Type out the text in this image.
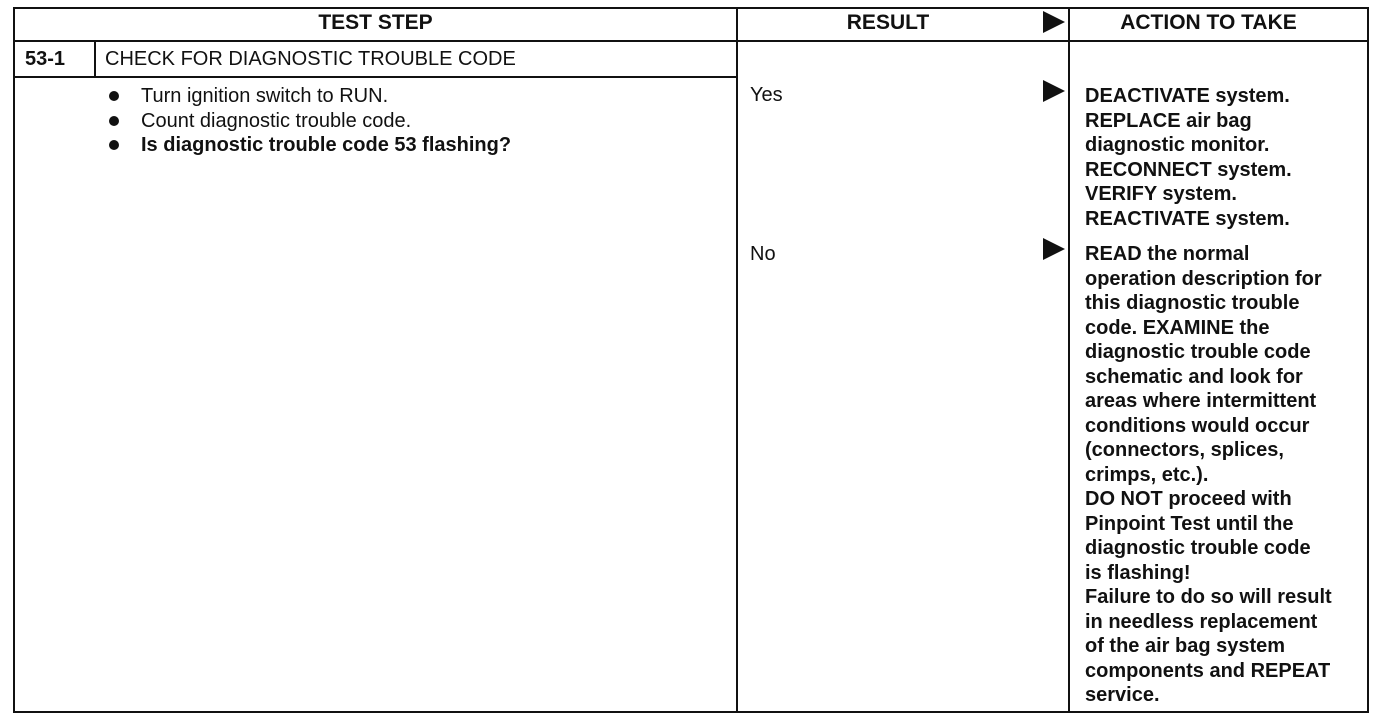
TEST STEP	RESULT	ACTION TO TAKE
53-1 CHECK FOR DIAGNOSTIC TROUBLE CODE
Turn ignition switch to RUN.
Count diagnostic trouble code.
Is diagnostic trouble code 53 flashing?
Yes	DEACTIVATE system.
REPLACE air bag
diagnostic monitor.
RECONNECT system.
VERIFY system.
REACTIVATE system.
No	READ the normal
operation description for
this diagnostic trouble
code. EXAMINE the
diagnostic trouble code
schematic and look for
areas where intermittent
conditions would occur
(connectors, splices,
crimps, etc.).
DO NOT proceed with
Pinpoint Test until the
diagnostic trouble code
is flashing!
Failure to do so will result
in needless replacement
of the air bag system
components and REPEAT
service.
